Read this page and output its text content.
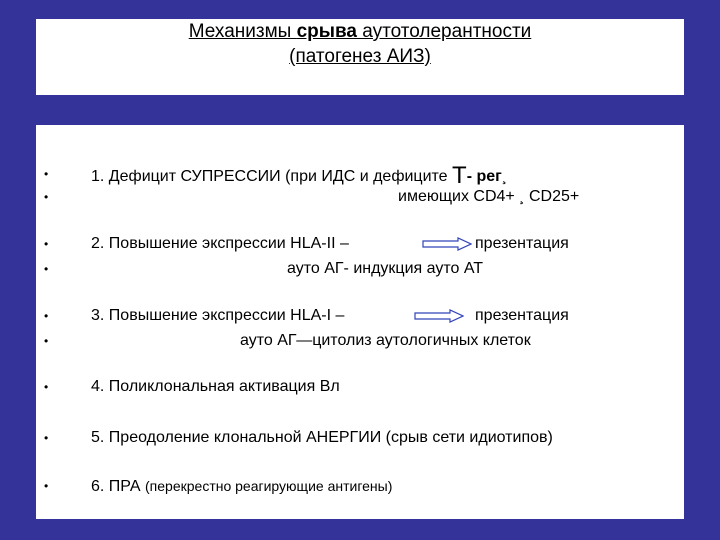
Механизмы срыва аутотолерантности
(патогенез АИЗ)
•	1. Дефицит СУПРЕССИИ (при ИДС и дефиците Т- рег¸
•	имеющих CD4+ ¸ CD25+
•	2. Повышение экспрессии HLA-II –	презентация
•	ауто АГ- индукция ауто АТ
•	3. Повышение экспрессии HLA-I –	презентация
•	ауто АГ—цитолиз аутологичных клеток
•	4. Поликлональная активация Вл
•	5. Преодоление клональной АНЕРГИИ (срыв сети идиотипов)
•	6. ПРА (перекрестно реагирующие антигены)
